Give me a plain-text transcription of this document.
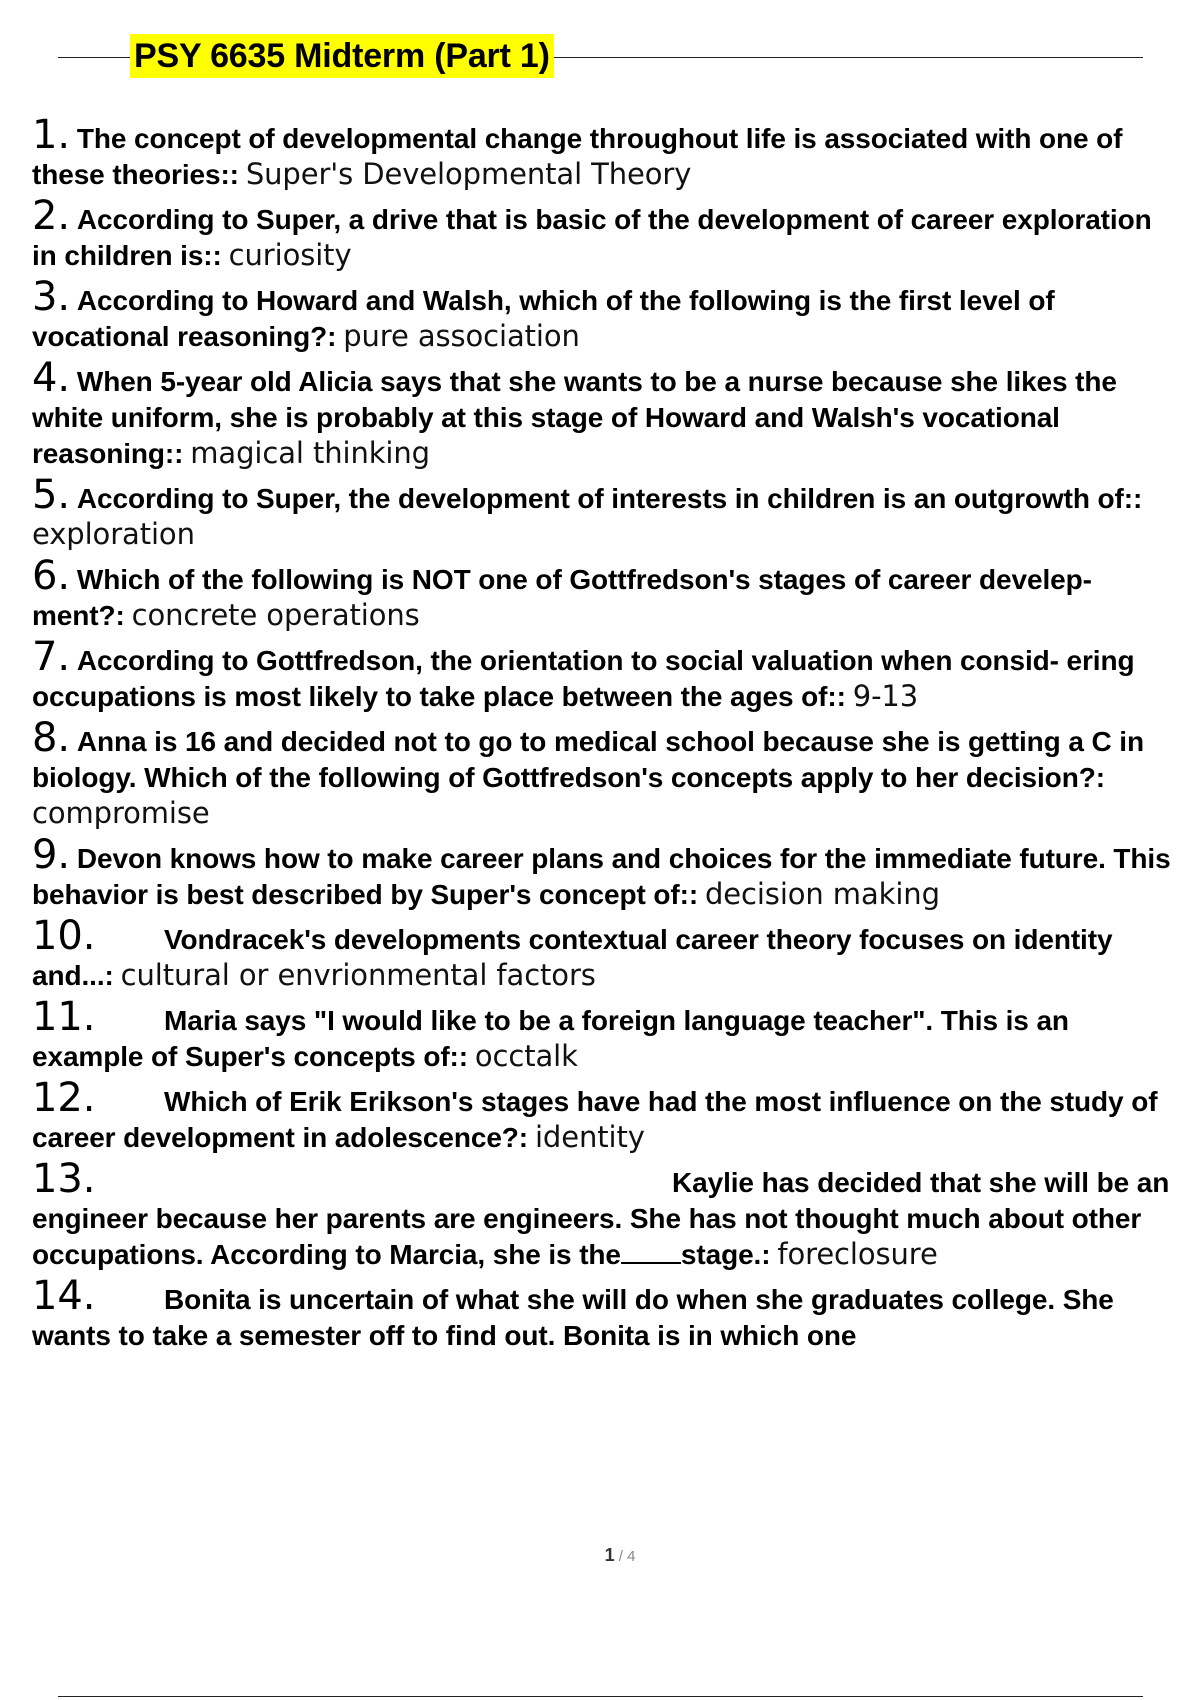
PSY 6635 Midterm (Part 1)
1. The concept of developmental change throughout life is associated with one of these theories:: Super's Developmental Theory
2. According to Super, a drive that is basic of the development of career exploration in children is:: curiosity
3. According to Howard and Walsh, which of the following is the first level of vocational reasoning?: pure association
4. When 5-year old Alicia says that she wants to be a nurse because she likes the white uniform, she is probably at this stage of Howard and Walsh's vocational reasoning:: magical thinking
5. According to Super, the development of interests in children is an outgrowth of:: exploration
6. Which of the following is NOT one of Gottfredson's stages of career develep- ment?: concrete operations
7. According to Gottfredson, the orientation to social valuation when consid- ering occupations is most likely to take place between the ages of:: 9-13
8. Anna is 16 and decided not to go to medical school because she is getting a C in biology. Which of the following of Gottfredson's concepts apply to her decision?: compromise
9. Devon knows how to make career plans and choices for the immediate future. This behavior is best described by Super's concept of:: decision making
10. Vondracek's developments contextual career theory focuses on identity and...: cultural or envrionmental factors
11. Maria says "I would like to be a foreign language teacher". This is an example of Super's concepts of:: occtalk
12. Which of Erik Erikson's stages have had the most influence on the study of career development in adolescence?: identity
13.	Kaylie has decided that she will be an engineer because her parents are engineers. She has not thought much about other occupations. According to Marcia, she is the stage.: foreclosure
14. Bonita is uncertain of what she will do when she graduates college. She wants to take a semester off to find out. Bonita is in which one
1 / 4
